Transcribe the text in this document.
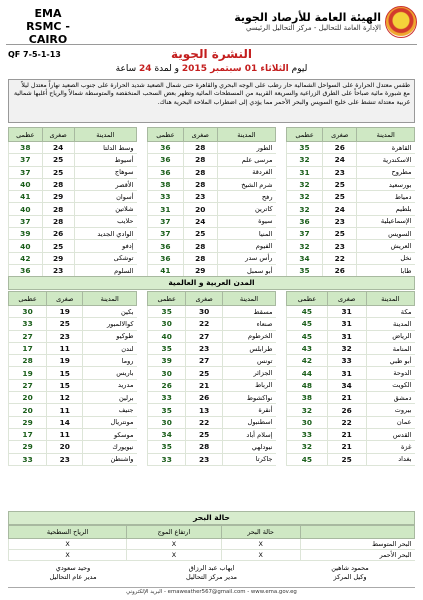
EMA
RSMC - CAIRO
الهيئة العامة للأرصاد الجوية
الإدارة العامة للتحاليل - مركز التحاليل الرئيسي
QF 7-5-1-13	النشرة الجوية
ليوم الثلاثاء 01 سبتمبر 2015 و لمدة 24 ساعة
طقس معتدل الحرارة على السواحل الشمالية حار رطب على الوجه البحري والقاهرة حتى شمال الصعيد شديد الحرارة على جنوب الصعيد نهاراً معتدل ليلاً مع شبورة مائية صباحاً على الطرق الزراعية والسريعة القريبة من المسطحات المائية وتظهر بعض السحب المنخفضة والمتوسطة شمالاً والرياح أغلبها شمالية غربية معتدلة تنشط على خليج السويس والبحر الأحمر مما يؤدي إلى اضطراب الملاحة البحرية هناك.
المدينة	صغرى	عظمى
القاهرة	26	35
الاسكندرية	24	32
مطروح	23	31
بورسعيد	25	32
دمياط	25	32
بلطيم	24	32
الإسماعيلية	23	36
السويس	25	37
العريش	23	32
نخل	22	34
طابا	26	35
المدينة	صغرى	عظمى
الطور	28	36
مرسى علم	28	36
الغردقة	28	36
شرم الشيخ	28	38
رفح	23	33
كاترين	20	31
سيوة	24	37
المنيا	25	37
الفيوم	28	36
رأس سدر	28	36
أبو سمبل	29	41
المدينة	صغرى	عظمى
وسط الدلتا	24	38
أسيوط	25	37
سوهاج	25	37
الأقصر	28	40
أسوان	29	41
شلاتين	28	40
حلايب	28	37
الوادي الجديد	26	39
إدفو	25	40
توشكى	29	42
السلوم	23	36
المدن العربية و العالمية
المدينة	صغرى	عظمى
مكة	31	45
المدينة	31	45
الرياض	31	45
المنامة	32	43
أبو ظبي	33	42
الدوحة	31	44
الكويت	34	48
دمشق	21	38
بيروت	26	32
عمان	22	30
القدس	21	33
غزة	21	32
بغداد	25	45
المدينة	صغرى	عظمى
مسقط	30	35
صنعاء	22	30
الخرطوم	27	40
طرابلس	23	35
تونس	27	39
الجزائر	25	30
الرباط	21	26
نواكشوط	26	33
أنقرة	13	35
اسطنبول	22	30
إسلام أباد	25	34
نيودلهي	28	35
جاكرتا	23	33
المدينة	صغرى	عظمى
بكين	19	30
كوالالمبور	25	33
طوكيو	23	27
لندن	11	17
روما	19	28
باريس	15	19
مدريد	15	27
برلين	12	20
جنيف	11	20
مونتريال	14	29
موسكو	11	17
نيويورك	20	29
واشنطن	23	33
حالة البحر
	حالة البحر	ارتفاع الموج	الرياح السطحية
البحر المتوسط	X	X	X
البحر الأحمر	X	X	X
محمود شاهين
وكيل المركز
ايهاب عبد الرزاق
مدير مركز التحاليل
وحيد سعودي
مدير عام التحاليل
emaweather567@gmail.com - www.ema.gov.eg - البريد الإلكتروني
